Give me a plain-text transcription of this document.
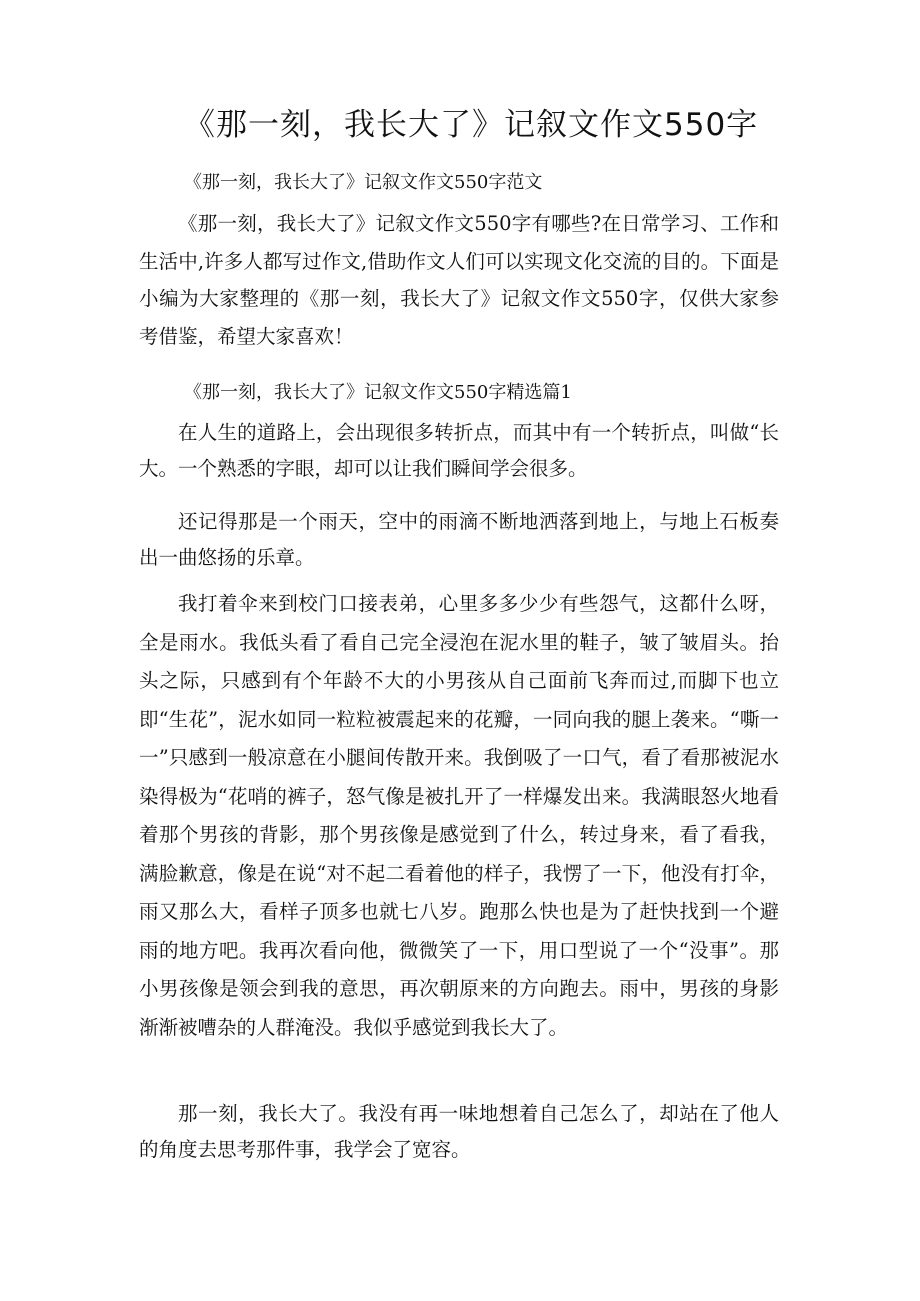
《那一刻，我长大了》记叙文作文550字

《那一刻，我长大了》记叙文作文550字范文

《那一刻，我长大了》记叙文作文550字有哪些?在日常学习、工作和生活中,许多人都写过作文,借助作文人们可以实现文化交流的目的。下面是小编为大家整理的《那一刻，我长大了》记叙文作文550字，仅供大家参考借鉴，希望大家喜欢！

《那一刻，我长大了》记叙文作文550字精选篇1

在人生的道路上，会出现很多转折点，而其中有一个转折点，叫做“长大。一个熟悉的字眼，却可以让我们瞬间学会很多。

还记得那是一个雨天，空中的雨滴不断地洒落到地上，与地上石板奏出一曲悠扬的乐章。

我打着伞来到校门口接表弟，心里多多少少有些怨气，这都什么呀，全是雨水。我低头看了看自己完全浸泡在泥水里的鞋子，皱了皱眉头。抬头之际，只感到有个年龄不大的小男孩从自己面前飞奔而过,而脚下也立即“生花”，泥水如同一粒粒被震起来的花瓣，一同向我的腿上袭来。“嘶一一”只感到一般凉意在小腿间传散开来。我倒吸了一口气，看了看那被泥水染得极为“花哨的裤子，怒气像是被扎开了一样爆发出来。我满眼怒火地看着那个男孩的背影，那个男孩像是感觉到了什么，转过身来，看了看我，满脸歉意，像是在说“对不起二看着他的样子，我愣了一下，他没有打伞，雨又那么大，看样子顶多也就七八岁。跑那么快也是为了赶快找到一个避雨的地方吧。我再次看向他，微微笑了一下，用口型说了一个“没事”。那小男孩像是领会到我的意思，再次朝原来的方向跑去。雨中，男孩的身影渐渐被嘈杂的人群淹没。我似乎感觉到我长大了。

那一刻，我长大了。我没有再一味地想着自己怎么了，却站在了他人的角度去思考那件事，我学会了宽容。
